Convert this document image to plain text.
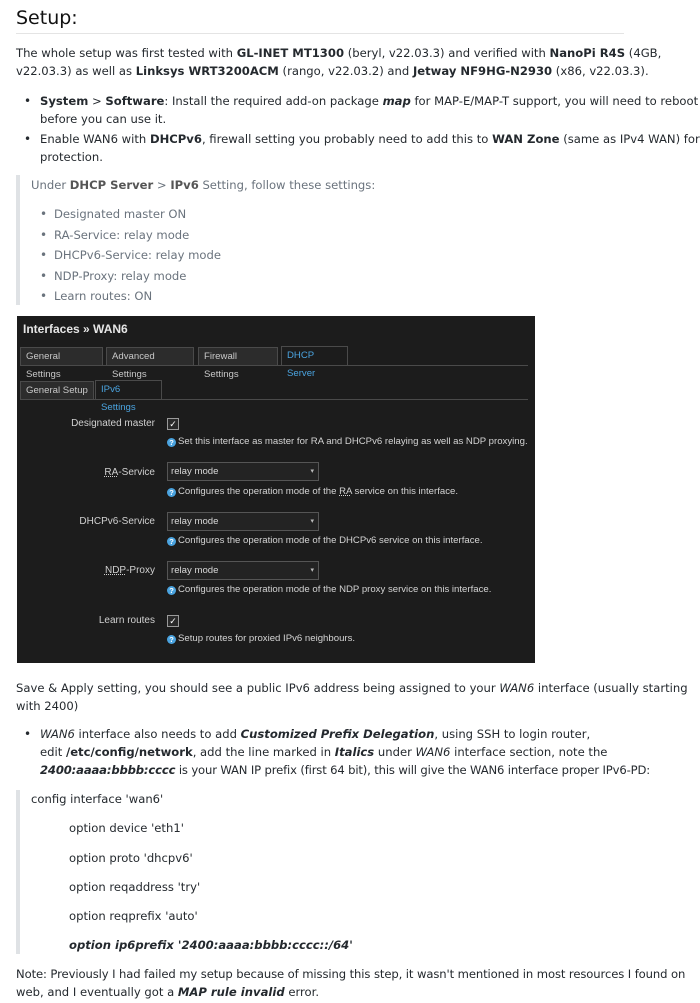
Setup:

The whole setup was first tested with GL-INET MT1300 (beryl, v22.03.3) and verified with NanoPi R4S (4GB,

v22.03.3) as well as Linksys WRT3200ACM (rango, v22.03.2) and Jetway NF9HG-N2930 (x86, v22.03.3).

• System > Software: Install the required add-on package map for MAP-E/MAP-T support, you will need to reboot

before you can use it.

• Enable WAN6 with DHCPv6, firewall setting you probably need to add this to WAN Zone (same as IPv4 WAN) for

protection.

Under DHCP Server > IPv6 Setting, follow these settings:

• Designated master ON
• RA-Service: relay mode
• DHCPv6-Service: relay mode
• NDP-Proxy: relay mode
• Learn routes: ON
Interfaces » WAN6
General Settings
Advanced Settings
Firewall Settings
DHCP Server
General Setup	IPv6 Settings
Designated master ✓
? Set this interface as master for RA and DHCPv6 relaying as well as NDP proxying.
RA-Service	relay mode	▾
? Configures the operation mode of the RA service on this interface.
DHCPv6-Service	relay mode	▾
? Configures the operation mode of the DHCPv6 service on this interface.
NDP-Proxy	relay mode	▾
? Configures the operation mode of the NDP proxy service on this interface.
Learn routes ✓
? Setup routes for proxied IPv6 neighbours.

Save & Apply setting, you should see a public IPv6 address being assigned to your WAN6 interface (usually starting

with 2400)

• WAN6 interface also needs to add Customized Prefix Delegation, using SSH to login router,

edit /etc/config/network, add the line marked in Italics under WAN6 interface section, note the

2400:aaaa:bbbb:cccc is your WAN IP prefix (first 64 bit), this will give the WAN6 interface proper IPv6-PD:

config interface 'wan6'
option device 'eth1'
option proto 'dhcpv6'
option reqaddress 'try'
option reqprefix 'auto'
option ip6prefix '2400:aaaa:bbbb:cccc::/64'

Note: Previously I had failed my setup because of missing this step, it wasn't mentioned in most resources I found on

web, and I eventually got a MAP rule invalid error.
